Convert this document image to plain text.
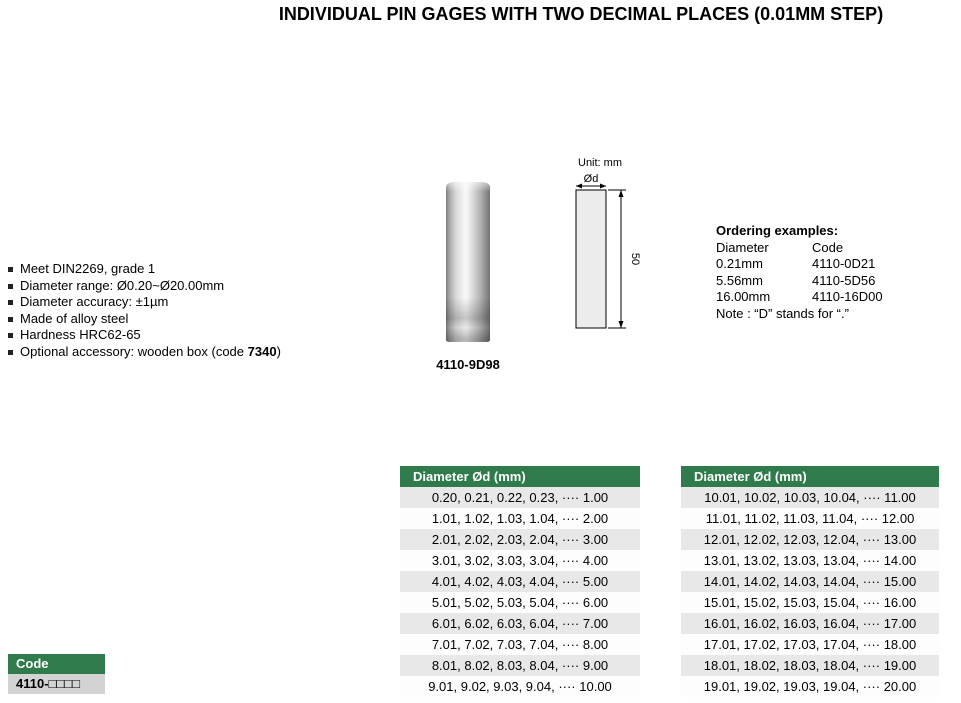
INDIVIDUAL PIN GAGES WITH TWO DECIMAL PLACES (0.01MM STEP)
Meet DIN2269, grade 1
Diameter range: Ø0.20~Ø20.00mm
Diameter accuracy: ±1µm
Made of alloy steel
Hardness HRC62-65
Optional accessory: wooden box (code 7340)
4110-9D98
Unit: mm
Ød
50
Ordering examples:
Diameter	Code
0.21mm	4110-0D21
5.56mm	4110-5D56
16.00mm	4110-16D00
Note : “D” stands for “.”
Code
4110-□□□□
Diameter Ød (mm)
0.20, 0.21, 0.22, 0.23, ···· 1.00
1.01, 1.02, 1.03, 1.04, ···· 2.00
2.01, 2.02, 2.03, 2.04, ···· 3.00
3.01, 3.02, 3.03, 3.04, ···· 4.00
4.01, 4.02, 4.03, 4.04, ···· 5.00
5.01, 5.02, 5.03, 5.04, ···· 6.00
6.01, 6.02, 6.03, 6.04, ···· 7.00
7.01, 7.02, 7.03, 7.04, ···· 8.00
8.01, 8.02, 8.03, 8.04, ···· 9.00
9.01, 9.02, 9.03, 9.04, ···· 10.00
Diameter Ød (mm)
10.01, 10.02, 10.03, 10.04, ···· 11.00
11.01, 11.02, 11.03, 11.04, ···· 12.00
12.01, 12.02, 12.03, 12.04, ···· 13.00
13.01, 13.02, 13.03, 13.04, ···· 14.00
14.01, 14.02, 14.03, 14.04, ···· 15.00
15.01, 15.02, 15.03, 15.04, ···· 16.00
16.01, 16.02, 16.03, 16.04, ···· 17.00
17.01, 17.02, 17.03, 17.04, ···· 18.00
18.01, 18.02, 18.03, 18.04, ···· 19.00
19.01, 19.02, 19.03, 19.04, ···· 20.00
